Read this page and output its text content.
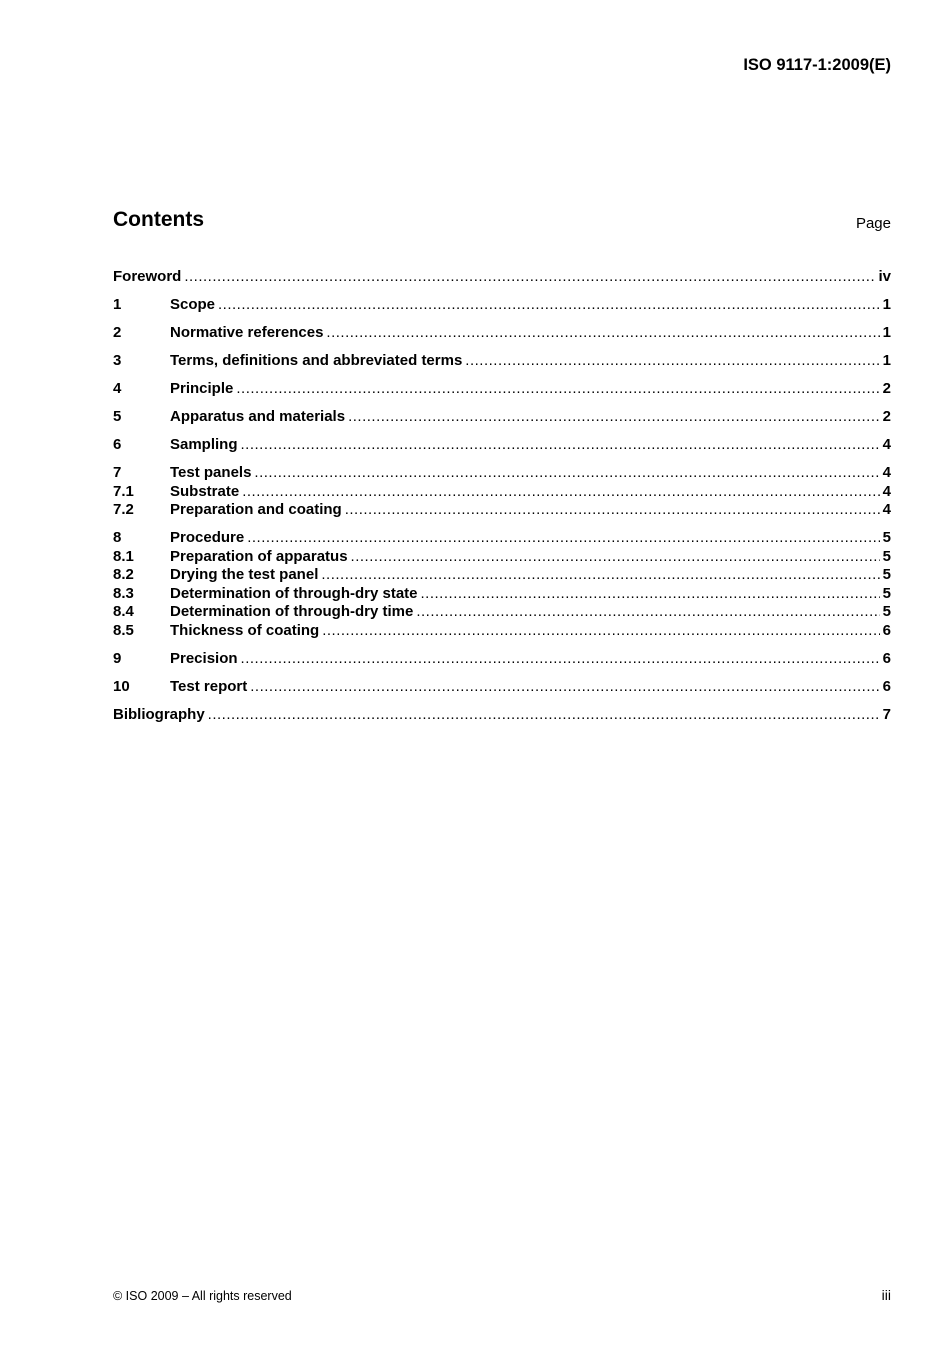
ISO 9117-1:2009(E)
Contents	Page
Foreword .....	iv
1	Scope .....	1
2	Normative references .....	1
3	Terms, definitions and abbreviated terms .....	1
4	Principle .....	2
5	Apparatus and materials .....	2
6	Sampling .....	4
7	Test panels .....	4
7.1	Substrate .....	4
7.2	Preparation and coating .....	4
8	Procedure .....	5
8.1	Preparation of apparatus .....	5
8.2	Drying the test panel .....	5
8.3	Determination of through-dry state .....	5
8.4	Determination of through-dry time .....	5
8.5	Thickness of coating .....	6
9	Precision .....	6
10	Test report .....	6
Bibliography .....	7
© ISO 2009 – All rights reserved	iii
